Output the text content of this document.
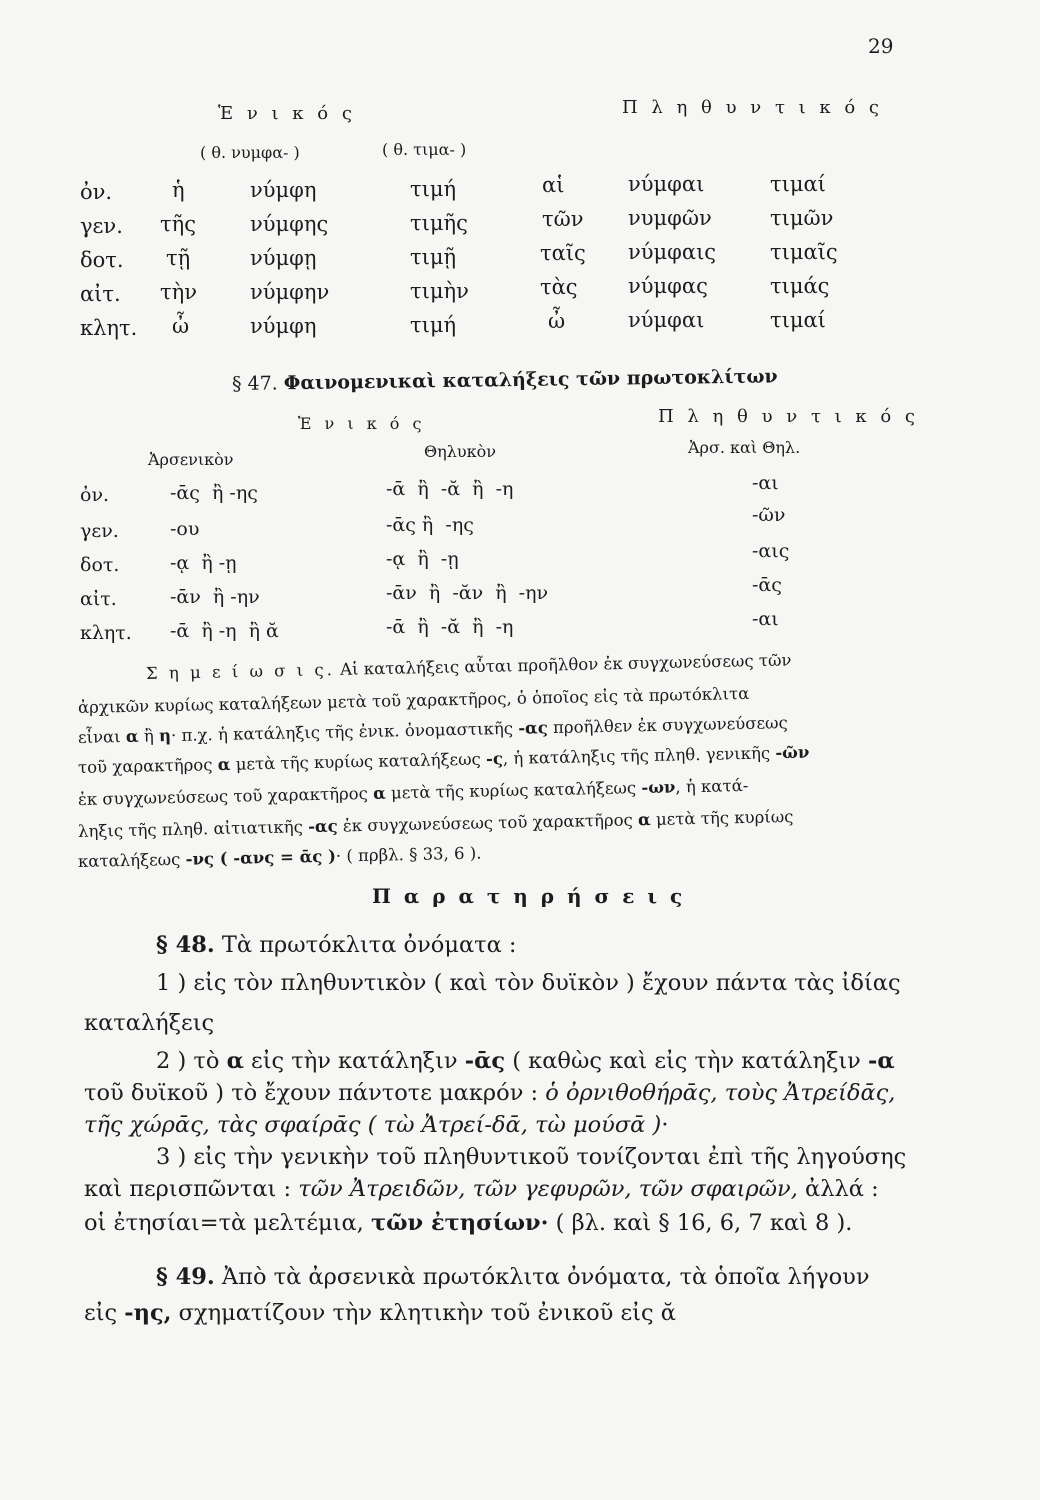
29
Ἑ ν ι κ ό ς	Π λ η θ υ ν τ ι κ ό ς
( θ. νυμφα- )	( θ. τιμα- )
ὀν.	ἡ	νύμφη	τιμή	αἱ	νύμφαι	τιμαί
γεν. τῆς	νύμφης	τιμῆς	τῶν νυμφῶν	τιμῶν
δοτ. τῇ	νύμφῃ	τιμῇ	ταῖς νύμφαις	τιμαῖς
αἰτ. τὴν	νύμφην	τιμὴν	τὰς νύμφας	τιμάς
κλητ. ὦ	νύμφη	τιμή	ὦ	νύμφαι	τιμαί
§ 47. Φαινομενικαὶ καταλήξεις τῶν πρωτοκλίτων
Ἑ ν ι κ ό ς	Π λ η θ υ ν τ ι κ ό ς
Ἀρσενικὸν	Θηλυκὸν	Ἀρσ. καὶ Θηλ.
ὀν.	-ᾱς  ἢ -ης	-ᾱ  ἢ  -ᾰ  ἢ  -η	-αι
γεν.	-ου	-ᾱς ἢ  -ης	-ῶν
δοτ.	-ᾳ  ἢ -ῃ	-ᾳ  ἢ  -ῃ	-αις
αἰτ.	-ᾱν  ἢ -ην	-ᾱν  ἢ  -ᾰν  ἢ  -ην	-ᾱς
κλητ. -ᾱ  ἢ -η  ἢ ᾰ	-ᾱ  ἢ  -ᾰ  ἢ  -η	-αι
Σ η μ ε ί ω σ ι ς. Αἱ καταλήξεις αὗται προῆλθον ἐκ συγχωνεύσεως τῶν
ἀρχικῶν κυρίως καταλήξεων μετὰ τοῦ χαρακτῆρος, ὁ ὁποῖος εἰς τὰ πρωτόκλιτα
εἶναι α ἢ η· π.χ. ἡ κατάληξις τῆς ἐνικ. ὀνομαστικῆς -ας προῆλθεν ἐκ συγχωνεύσεως
τοῦ χαρακτῆρος α μετὰ τῆς κυρίως καταλήξεως -ς, ἡ κατάληξις τῆς πληθ. γενικῆς -ῶν
ἐκ συγχωνεύσεως τοῦ χαρακτῆρος α μετὰ τῆς κυρίως καταλήξεως -ων, ἡ κατά-
ληξις τῆς πληθ. αἰτιατικῆς -ας ἐκ συγχωνεύσεως τοῦ χαρακτῆρος α μετὰ τῆς κυρίως
καταλήξεως -νς ( -ανς = ᾱς )· ( πρβλ. § 33, 6 ).
Π α ρ α τ η ρ ή σ ε ι ς
§ 48. Τὰ πρωτόκλιτα ὀνόματα :
1 ) εἰς τὸν πληθυντικὸν ( καὶ τὸν δυϊκὸν ) ἔχουν πάντα τὰς ἰδίας
καταλήξεις
2 ) τὸ α εἰς τὴν κατάληξιν -ᾱς ( καθὼς καὶ εἰς τὴν κατάληξιν -α
τοῦ δυϊκοῦ ) τὸ ἔχουν πάντοτε μακρόν : ὁ ὀρνιθοθήρᾱς, τοὺς Ἀτρείδᾱς,
τῆς χώρᾱς, τὰς σφαίρᾱς ( τὼ Ἀτρεί-δᾱ, τὼ μούσᾱ )·
3 ) εἰς τὴν γενικὴν τοῦ πληθυντικοῦ τονίζονται ἐπὶ τῆς ληγούσης
καὶ περισπῶνται : τῶν Ἀτρειδῶν, τῶν γεφυρῶν, τῶν σφαιρῶν, ἀλλά :
οἱ ἐτησίαι=τὰ μελτέμια, τῶν ἐτησίων· ( βλ. καὶ § 16, 6, 7 καὶ 8 ).
§ 49. Ἀπὸ τὰ ἀρσενικὰ πρωτόκλιτα ὀνόματα, τὰ ὁποῖα λήγουν
εἰς -ης, σχηματίζουν τὴν κλητικὴν τοῦ ἐνικοῦ εἰς ᾰ
